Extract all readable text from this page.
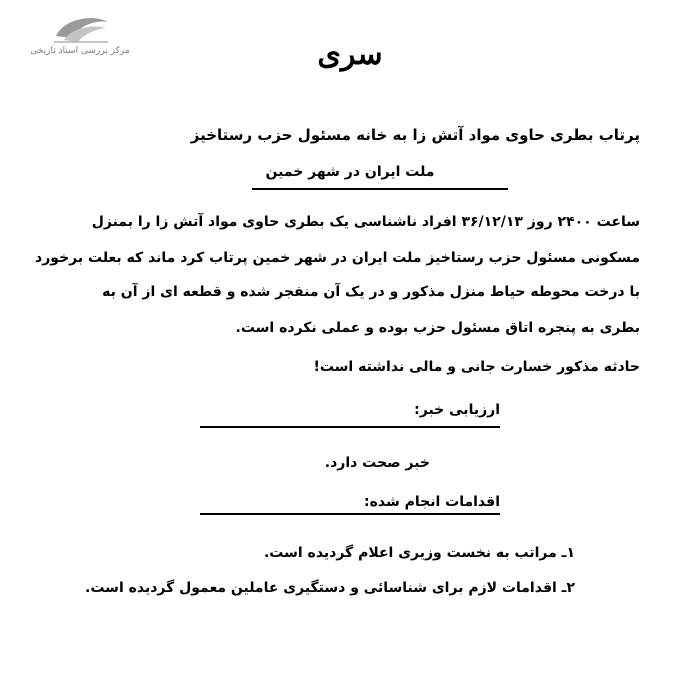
مرکز بررسی اسناد تاریخی	سری
پرتاب بطری حاوی مواد آتش زا به خانه مسئول حزب رستاخیز
ملت ایران در شهر خمین
ساعت ۲۴۰۰ روز ۳۶/۱۲/۱۳ افراد ناشناسی یک بطری حاوی مواد آتش زا را بمنزل
مسکونی مسئول حزب رستاخیز ملت ایران در شهر خمین پرتاب کرد ماند که بعلت برخورد
با درخت محوطه حیاط منزل مذکور و در یک آن منفجر شده و قطعه ای از آن به
بطری به پنجره اتاق مسئول حزب بوده و عملی نکرده است.
حادثه مذکور خسارت جانی و مالی نداشته است!
ارزیابی خبر:
خبر صحت دارد.
اقدامات انجام شده:
۱ـ مراتب به نخست وزیری اعلام گردیده است.
۲ـ اقدامات لازم برای شناسائی و دستگیری عاملین معمول گردیده است.
